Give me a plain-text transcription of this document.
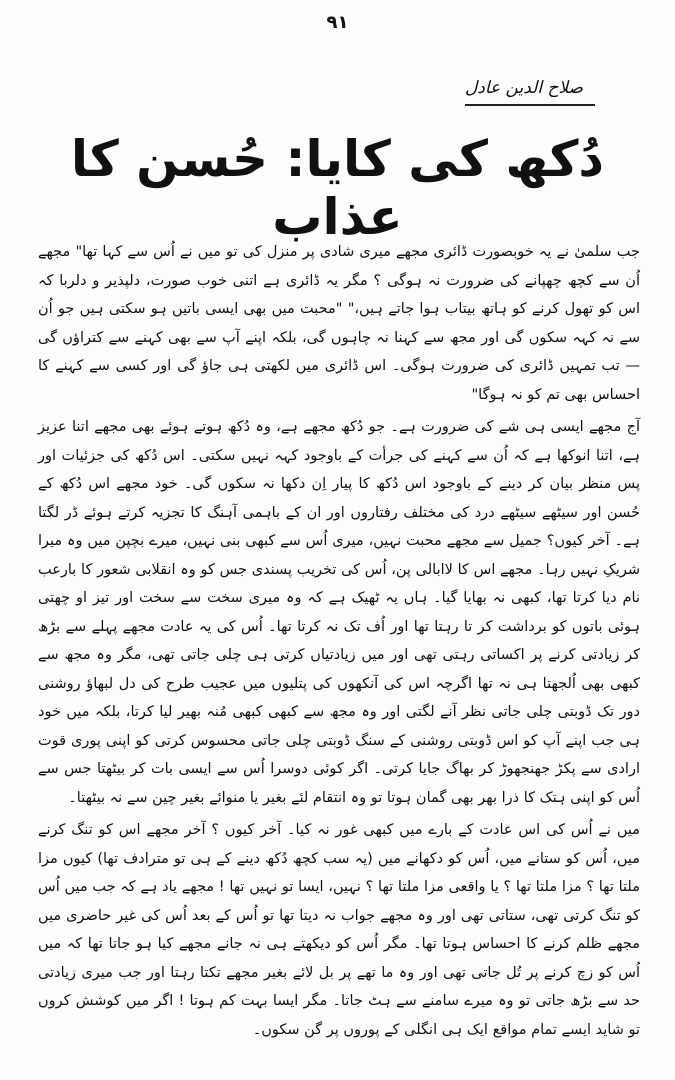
۹۱
صلاح الدین عادل
دُکھ کی کایا: حُسن کا عذاب

جب سلمیٰ نے یہ خوبصورت ڈائری مجھے میری شادی پر منزل کی تو میں نے اُس سے کہا تھا" مجھے اُن سے کچھ چھپانے کی ضرورت نہ ہوگی ؟ مگر یہ ڈائری ہے اتنی خوب صورت، دلپذیر و دلربا کہ اس کو تھول کرنے کو ہاتھ بیتاب ہوا جاتے ہیں،" "محبت میں بھی ایسی باتیں ہو سکتی ہیں جو اُن سے نہ کہہ سکوں گی اور مجھ سے کہنا نہ چاہوں گی، بلکہ اپنے آپ سے بھی کہنے سے کتراؤں گی — تب تمہیں ڈائری کی ضرورت ہوگی۔ اس ڈائری میں لکھتی ہی جاؤ گی اور کسی سے کہنے کا احساس بھی تم کو نہ ہوگا"

آج مجھے ایسی ہی شے کی ضرورت ہے۔ جو دُکھ مجھے ہے، وہ دُکھ ہوتے ہوئے بھی مجھے اتنا عزیز ہے، اتنا انوکھا ہے کہ اُن سے کہنے کی جرأت کے باوجود کہہ نہیں سکتی۔ اس دُکھ کی جزئیات اور پس منظر بیان کر دینے کے باوجود اس دُکھ کا پیار اِن دکھا نہ سکوں گی۔ خود مجھے اس دُکھ کے حُسن اور سیٹھے سیٹھے درد کی مختلف رفتاروں اور ان کے باہمی آہنگ کا تجزیہ کرتے ہوئے ڈر لگتا ہے۔ آخر کیوں؟ جمیل سے مجھے محبت نہیں، میری اُس سے کبھی بنی نہیں، میرے بچپن میں وہ میرا شریکِ نہیں رہا۔ مجھے اس کا لاابالی پن، اُس کی تخریب پسندی جس کو وہ انقلابی شعور کا بارعب نام دیا کرتا تھا، کبھی نہ بھایا گیا۔ ہاں یہ ٹھیک ہے کہ وہ میری سخت سے سخت اور تیز او چھتی ہوئی باتوں کو برداشت کر تا رہتا تھا اور اُف تک نہ کرتا تھا۔ اُس کی یہ عادت مجھے پہلے سے بڑھ کر زیادتی کرنے پر اکساتی رہتی تھی اور میں زیادتیاں کرتی ہی چلی جاتی تھی، مگر وہ مجھ سے کبھی بھی اُلجھتا ہی نہ تھا اگرچہ اس کی آنکھوں کی پتلیوں میں عجیب طرح کی دل لبھاؤ روشنی دور تک ڈوبتی چلی جاتی نظر آنے لگتی اور وہ مجھ سے کبھی کبھی مُنہ بھیر لیا کرتا، بلکہ میں خود ہی جب اپنے آپ کو اس ڈوبتی روشنی کے سنگ ڈوبتی چلی جاتی محسوس کرتی کو اپنی پوری قوت ارادی سے پکڑ جھنجھوڑ کر بھاگ جایا کرتی۔ اگر کوئی دوسرا اُس سے ایسی بات کر بیٹھتا جس سے اُس کو اپنی ہتک کا ذرا بھر بھی گمان ہوتا تو وہ انتقام لئے بغیر یا منوائے بغیر چین سے نہ بیٹھتا۔

میں نے اُس کی اس عادت کے بارے میں کبھی غور نہ کیا۔ آخر کیوں ؟ آخر مجھے اس کو تنگ کرنے میں، اُس کو ستانے میں، اُس کو دکھانے میں (یہ سب کچھ دُکھ دینے کے ہی تو مترادف تھا) کیوں مزا ملتا تھا ؟ مزا ملتا تھا ؟ یا واقعی مزا ملتا تھا ؟ نہیں، ایسا تو نہیں تھا ! مجھے یاد ہے کہ جب میں اُس کو تنگ کرتی تھی، ستاتی تھی اور وہ مجھے جواب نہ دیتا تھا تو اُس کے بعد اُس کی غیر حاضری میں مجھے ظلم کرنے کا احساس ہوتا تھا۔ مگر اُس کو دیکھتے ہی نہ جانے مجھے کیا ہو جاتا تھا کہ میں اُس کو زچ کرنے پر تُل جاتی تھی اور وہ ما تھے پر بل لائے بغیر مجھے تکتا رہتا اور جب میری زیادتی حد سے بڑھ جاتی تو وہ میرے سامنے سے ہٹ جاتا۔ مگر ایسا بہت کم ہوتا ! اگر میں کوشش کروں تو شاید ایسے تمام مواقع ایک ہی انگلی کے پوروں پر گن سکوں۔
